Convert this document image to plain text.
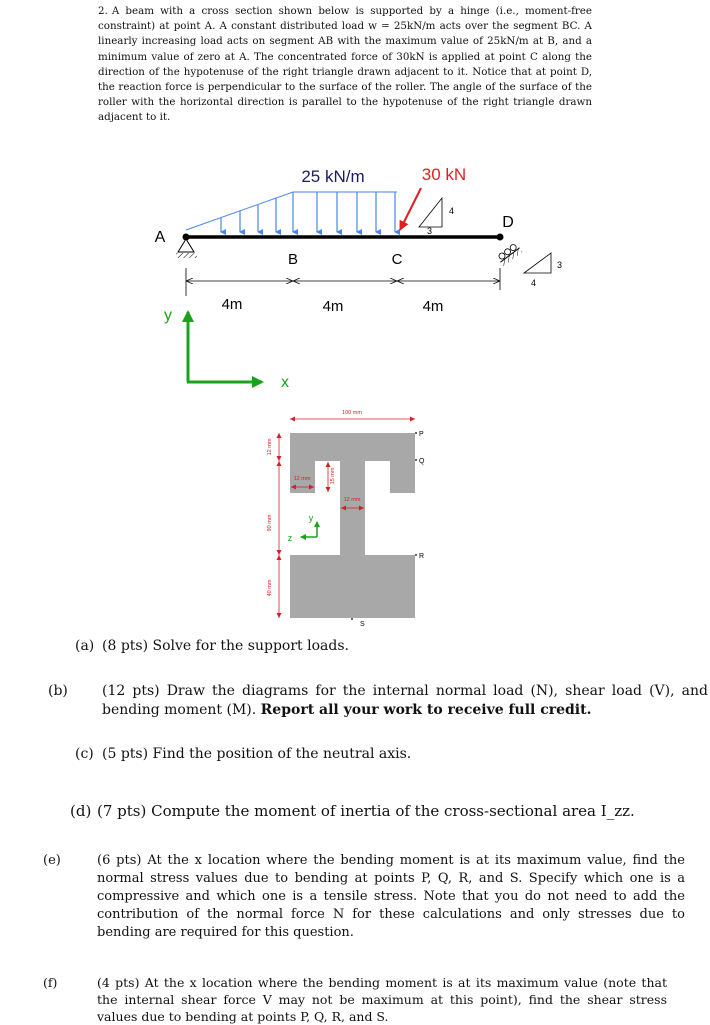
2. A beam with a cross section shown below is supported by a hinge (i.e., moment-free constraint) at point A. A constant distributed load w = 25kN/m acts over the segment BC. A linearly increasing load acts on segment AB with the maximum value of 25kN/m at B, and a minimum value of zero at A. The concentrated force of 30kN is applied at point C along the direction of the hypotenuse of the right triangle drawn adjacent to it. Notice that at point D, the reaction force is perpendicular to the surface of the roller. The angle of the surface of the roller with the horizontal direction is parallel to the hypotenuse of the right triangle drawn adjacent to it.
25 kN/m	30 kN
4
3
3
4
A
B	C
D
4m	4m	4m
y
x
100 mm
12 mm
90 mm
40 mm
12 mm	15 mm
12 mm
y
z
P
Q
R
S
(a) (8 pts) Solve for the support loads.
(b) (12 pts) Draw the diagrams for the internal normal load (N), shear load (V), and bending moment (M). Report all your work to receive full credit.
(c) (5 pts) Find the position of the neutral axis.
(d) (7 pts) Compute the moment of inertia of the cross-sectional area I_zz.
(e)	(6 pts) At the x location where the bending moment is at its maximum value, find the normal stress values due to bending at points P, Q, R, and S. Specify which one is a compressive and which one is a tensile stress. Note that you do not need to add the contribution of the normal force N for these calculations and only stresses due to bending are required for this question.
(f)	(4 pts) At the x location where the bending moment is at its maximum value (note that the internal shear force V may not be maximum at this point), find the shear stress values due to bending at points P, Q, R, and S.
